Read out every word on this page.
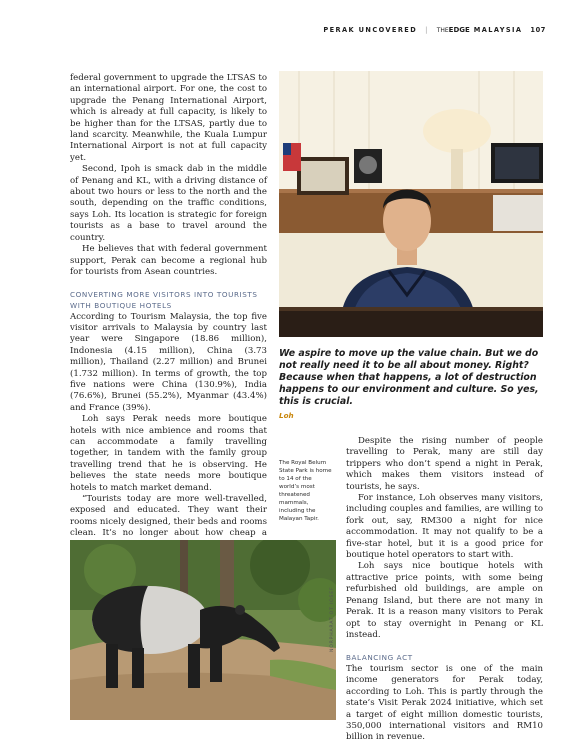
PERAK UNCOVERED | THE EDGE MALAYSIA 107

federal government to upgrade the LTSAS to an international airport. For one, the cost to upgrade the Penang International Airport, which is already at full capacity, is likely to be higher than for the LTSAS, partly due to land scarcity. Meanwhile, the Kuala Lumpur International Airport is not at full capacity yet.

Second, Ipoh is smack dab in the middle of Penang and KL, with a driving distance of about two hours or less to the north and the south, depending on the traffic conditions, says Loh. Its location is strategic for foreign tourists as a base to travel around the country.

He believes that with federal government support, Perak can become a regional hub for tourists from Asean countries.

CONVERTING MORE VISITORS INTO TOURISTS WITH BOUTIQUE HOTELS

According to Tourism Malaysia, the top five visitor arrivals to Malaysia by country last year were Singapore (18.86 million), Indonesia (4.15 million), China (3.73 million), Thailand (2.27 million) and Brunei (1.732 million). In terms of growth, the top five nations were China (130.9%), India (76.6%), Brunei (55.2%), Myanmar (43.4%) and France (39%).

Loh says Perak needs more boutique hotels with nice ambience and rooms that can accommodate a family travelling together, in tandem with the family group travelling trend that he is observing. He believes the state needs more boutique hotels to match market demand.

“Tourists today are more well-travelled, exposed and educated. They want their rooms nicely designed, their beds and rooms clean. It’s no longer about how cheap a

We aspire to move up the value chain. But we do not really need it to be all about money. Right? Because when that happens, a lot of destruction happens to our environment and culture. So yes, this is crucial.
Loh
The Royal Belum State Park is home to 14 of the world’s most threatened mammals, including the Malayan Tapir.

Despite the rising number of people travelling to Perak, many are still day trippers who don’t spend a night in Perak, which makes them visitors instead of tourists, he says.

For instance, Loh observes many visitors, including couples and families, are willing to fork out, say, RM300 a night for nice accommodation. It may not qualify to be a five-star hotel, but it is a good price for boutique hotel operators to start with.

Loh says nice boutique hotels with attractive price points, with some being refurbished old buildings, are ample on Penang Island, but there are not many in Perak. It is a reason many visitors to Perak opt to stay overnight in Penang or KL instead.

BALANCING ACT

The tourism sector is one of the main income generators for Perak today, according to Loh. This is partly through the state’s Visit Perak 2024 initiative, which set a target of eight million domestic tourists, 350,000 international visitors and RM10 billion in revenue.

NORPHARAT OT IOSEF
